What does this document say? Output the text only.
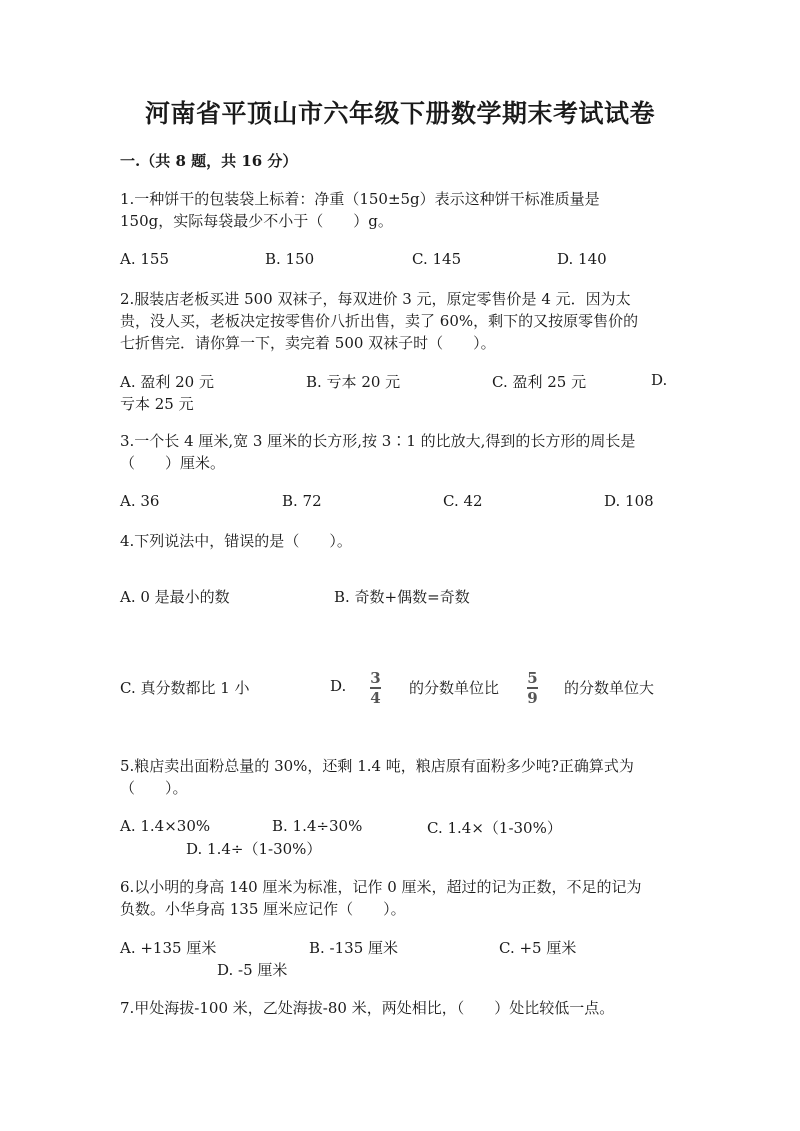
河南省平顶山市六年级下册数学期末考试试卷
一.（共 8 题，共 16 分）
1.一种饼干的包装袋上标着：净重（150±5g）表示这种饼干标准质量是
150g，实际每袋最少不小于（　　）g。
A. 155	B. 150	C. 145	D. 140
2.服装店老板买进 500 双袜子，每双进价 3 元，原定零售价是 4 元．因为太
贵，没人买，老板决定按零售价八折出售，卖了 60%，剩下的又按原零售价的
七折售完．请你算一下，卖完着 500 双袜子时（　　）。
A. 盈利 20 元	B. 亏本 20 元	C. 盈利 25 元	D.
亏本 25 元
3.一个长 4 厘米,宽 3 厘米的长方形,按 3∶1 的比放大,得到的长方形的周长是
（　　）厘米。
A. 36	B. 72	C. 42	D. 108
4.下列说法中，错误的是（　　）。
A. 0 是最小的数	B. 奇数+偶数=奇数
C. 真分数都比 1 小	D. 3
4
的分数单位比
5
9
的分数单位大
5.粮店卖出面粉总量的 30%，还剩 1.4 吨，粮店原有面粉多少吨?正确算式为
（　　）。
A. 1.4×30%	B. 1.4÷30%	C. 1.4×（1-30%）
D. 1.4÷（1-30%）
6.以小明的身高 140 厘米为标准，记作 0 厘米，超过的记为正数，不足的记为
负数。小华身高 135 厘米应记作（　　）。
A. +135 厘米	B. -135 厘米	C. +5 厘米
D. -5 厘米
7.甲处海拔-100 米，乙处海拔-80 米，两处相比，（　　）处比较低一点。
